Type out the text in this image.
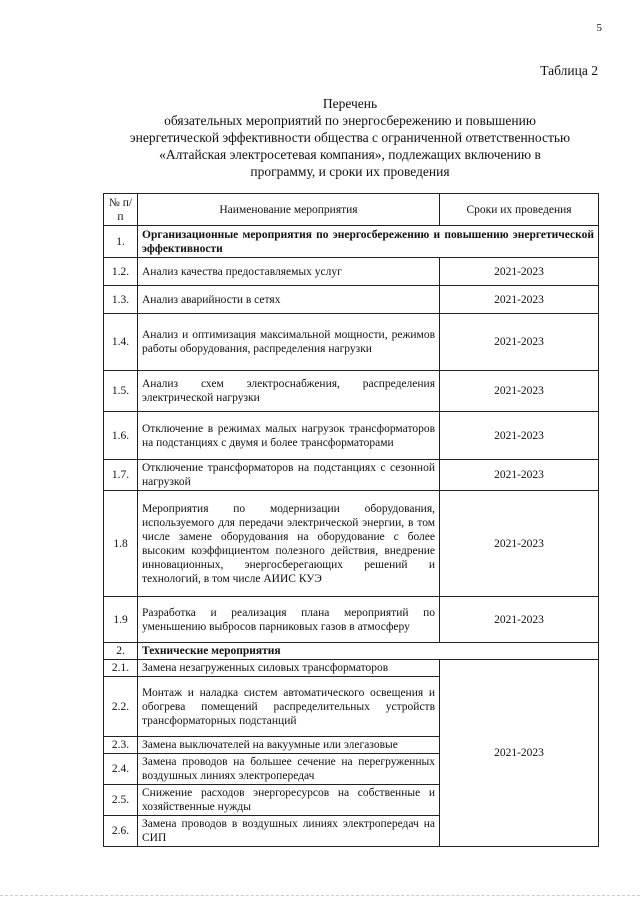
5
Таблица 2
Перечень
обязательных мероприятий по энергосбережению и повышению
энергетической эффективности общества с ограниченной ответственностью
«Алтайская электросетевая компания», подлежащих включению в
программу, и сроки их проведения
№ п/п	Наименование мероприятия	Сроки их проведения
1.	Организационные мероприятия по энергосбережению и повышению энергетической эффективности	
1.2.	Анализ качества предоставляемых услуг	2021-2023
1.3.	Анализ аварийности в сетях	2021-2023
1.4.	Анализ и оптимизация максимальной мощности, режимов работы оборудования, распределения нагрузки	2021-2023
1.5.	Анализ схем электроснабжения, распределения электрической нагрузки	2021-2023
1.6.	Отключение в режимах малых нагрузок трансформаторов на подстанциях с двумя и более трансформаторами	2021-2023
1.7.	Отключение трансформаторов на подстанциях с сезонной нагрузкой	2021-2023
1.8	Мероприятия по модернизации оборудования, используемого для передачи электрической энергии, в том числе замене оборудования на оборудование с более высоким коэффициентом полезного действия, внедрение инновационных, энергосберегающих решений и технологий, в том числе АИИС КУЭ	2021-2023
1.9	Разработка и реализация плана мероприятий по уменьшению выбросов парниковых газов в атмосферу	2021-2023
2.	Технические мероприятия	
2.1.	Замена незагруженных силовых трансформаторов	2021-2023
2.2.	Монтаж и наладка систем автоматического освещения и обогрева помещений распределительных устройств трансформаторных подстанций	
2.3.	Замена выключателей на вакуумные или элегазовые	
2.4.	Замена проводов на большее сечение на перегруженных воздушных линиях электропередач	
2.5.	Снижение расходов энергоресурсов на собственные и хозяйственные нужды	
2.6.	Замена проводов в воздушных линиях электропередач на СИП	
